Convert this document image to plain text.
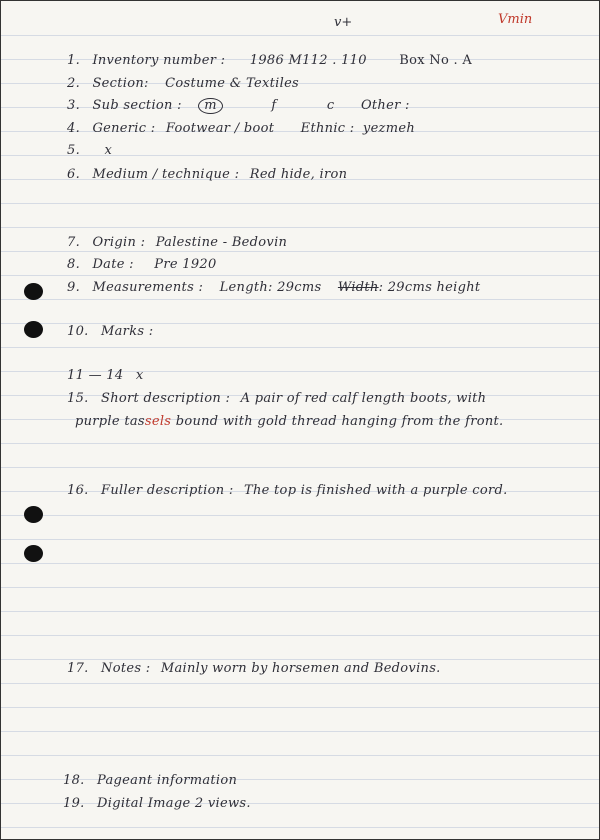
v+	Vmin
1. Inventory number : 1986 M112 . 110 Box No . A
2. Section: Costume & Textiles
3. Sub section : m	f	c Other :
4. Generic : Footwear / boot Ethnic : yezmeh
5. x
6. Medium / technique : Red hide, iron
7. Origin : Palestine - Bedovin
8. Date : Pre 1920
9. Measurements : Length: 29cms Width: 29cms height
10. Marks :
11 — 14 x
15. Short description : A pair of red calf length boots, with
purple tassels bound with gold thread hanging from the front.
16. Fuller description : The top is finished with a purple cord.
17. Notes : Mainly worn by horsemen and Bedovins.
18. Pageant information
19. Digital Image 2 views.
